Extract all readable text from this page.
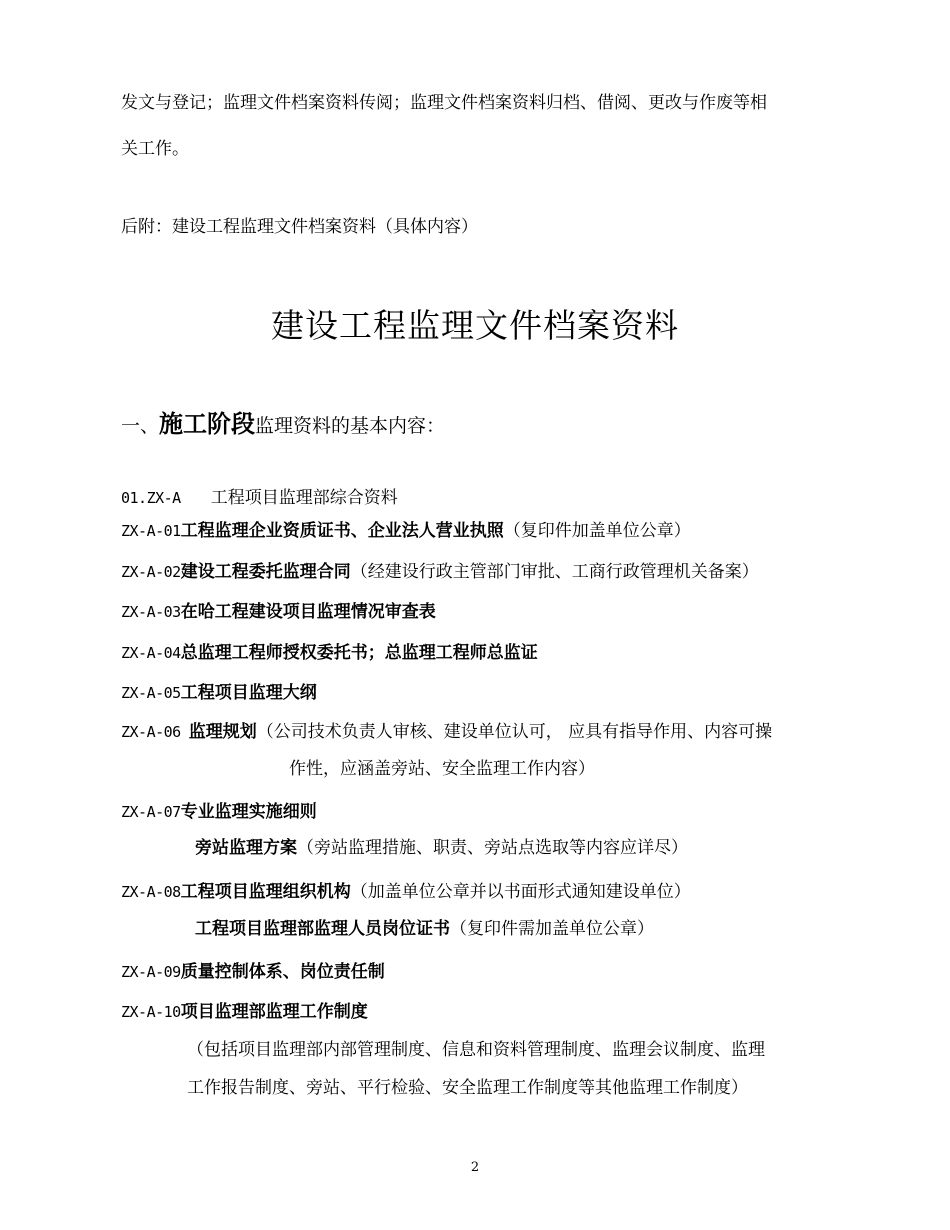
发文与登记；监理文件档案资料传阅；监理文件档案资料归档、借阅、更改与作废等相
关工作。
后附：建设工程监理文件档案资料（具体内容）
建设工程监理文件档案资料
一、施工阶段监理资料的基本内容：
01.ZX-A 工程项目监理部综合资料
ZX-A-01工程监理企业资质证书、企业法人营业执照（复印件加盖单位公章）
ZX-A-02建设工程委托监理合同（经建设行政主管部门审批、工商行政管理机关备案）
ZX-A-03在哈工程建设项目监理情况审查表
ZX-A-04总监理工程师授权委托书；总监理工程师总监证
ZX-A-05工程项目监理大纲
ZX-A-06 监理规划（公司技术负责人审核、建设单位认可， 应具有指导作用、内容可操
作性，应涵盖旁站、安全监理工作内容）
ZX-A-07专业监理实施细则
旁站监理方案（旁站监理措施、职责、旁站点选取等内容应详尽）
ZX-A-08工程项目监理组织机构（加盖单位公章并以书面形式通知建设单位）
工程项目监理部监理人员岗位证书（复印件需加盖单位公章）
ZX-A-09质量控制体系、岗位责任制
ZX-A-10项目监理部监理工作制度
（包括项目监理部内部管理制度、信息和资料管理制度、监理会议制度、监理
工作报告制度、旁站、平行检验、安全监理工作制度等其他监理工作制度）
2
